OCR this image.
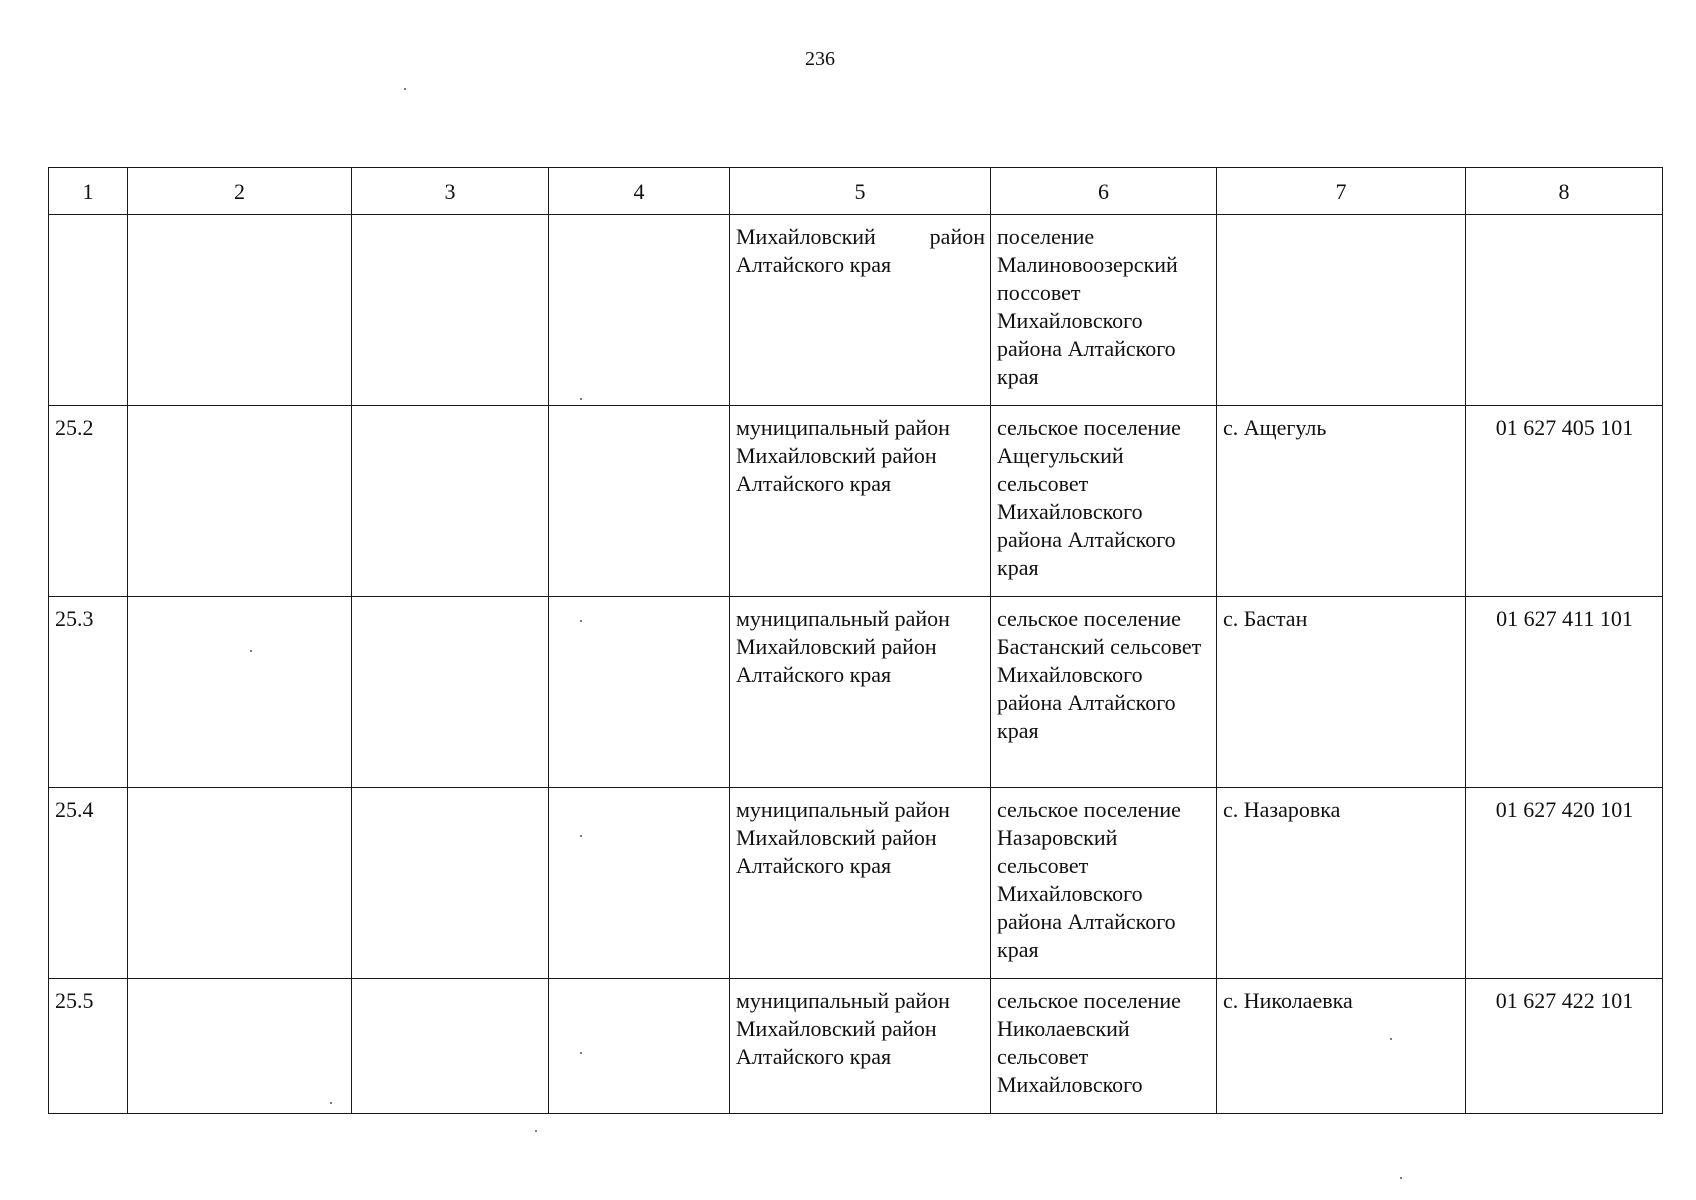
236
1	2	3	4	5	6	7	8
				Михайловский район Алтайского края	поселение Малиновоозерский поссовет Михайловского района Алтайского края		
25.2				муниципальный район Михайловский район Алтайского края	сельское поселение Ащегульский сельсовет Михайловского района Алтайского края	с. Ащегуль	01 627 405 101
25.3				муниципальный район Михайловский район Алтайского края	сельское поселение Бастанский сельсовет Михайловского района Алтайского края	с. Бастан	01 627 411 101
25.4				муниципальный район Михайловский район Алтайского края	сельское поселение Назаровский сельсовет Михайловского района Алтайского края	с. Назаровка	01 627 420 101
25.5				муниципальный район Михайловский район Алтайского края	сельское поселение Николаевский сельсовет Михайловского	с. Николаевка	01 627 422 101
